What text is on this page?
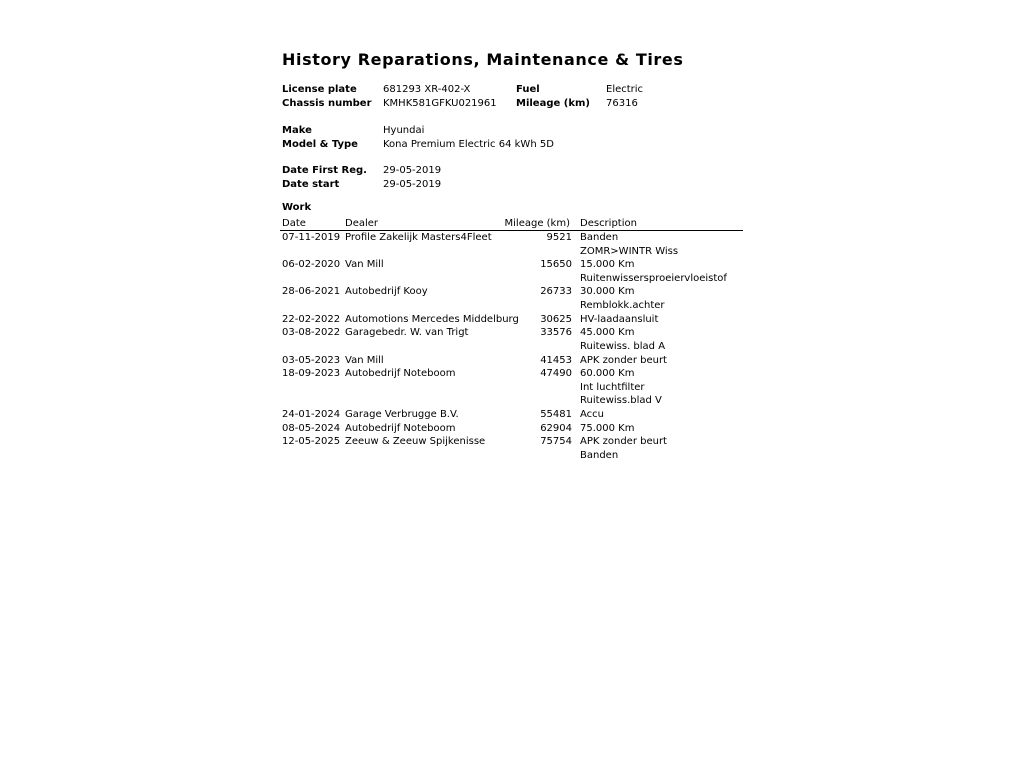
History Reparations, Maintenance & Tires
License plate	681293 XR-402-X	Fuel	Electric
Chassis number KMHK581GFKU021961 Mileage (km) 76316
Make	Hyundai
Model & Type	Kona Premium Electric 64 kWh 5D
Date First Reg. 29-05-2019
Date start	29-05-2019
Work
Date	Dealer	Mileage (km) Description
07-11-2019 Profile Zakelijk Masters4Fleet	9521 Banden
ZOMR>WINTR Wiss
06-02-2020 Van Mill	15650 15.000 Km
Ruitenwissersproeiervloeistof
28-06-2021 Autobedrijf Kooy	26733 30.000 Km
Remblokk.achter
22-02-2022 Automotions Mercedes Middelburg 30625 HV-laadaansluit
03-08-2022 Garagebedr. W. van Trigt	33576 45.000 Km
Ruitewiss. blad A
03-05-2023 Van Mill	41453 APK zonder beurt
18-09-2023 Autobedrijf Noteboom	47490 60.000 Km
Int luchtfilter
Ruitewiss.blad V
24-01-2024 Garage Verbrugge B.V.	55481 Accu
08-05-2024 Autobedrijf Noteboom	62904 75.000 Km
12-05-2025 Zeeuw & Zeeuw Spijkenisse	75754 APK zonder beurt
Banden
